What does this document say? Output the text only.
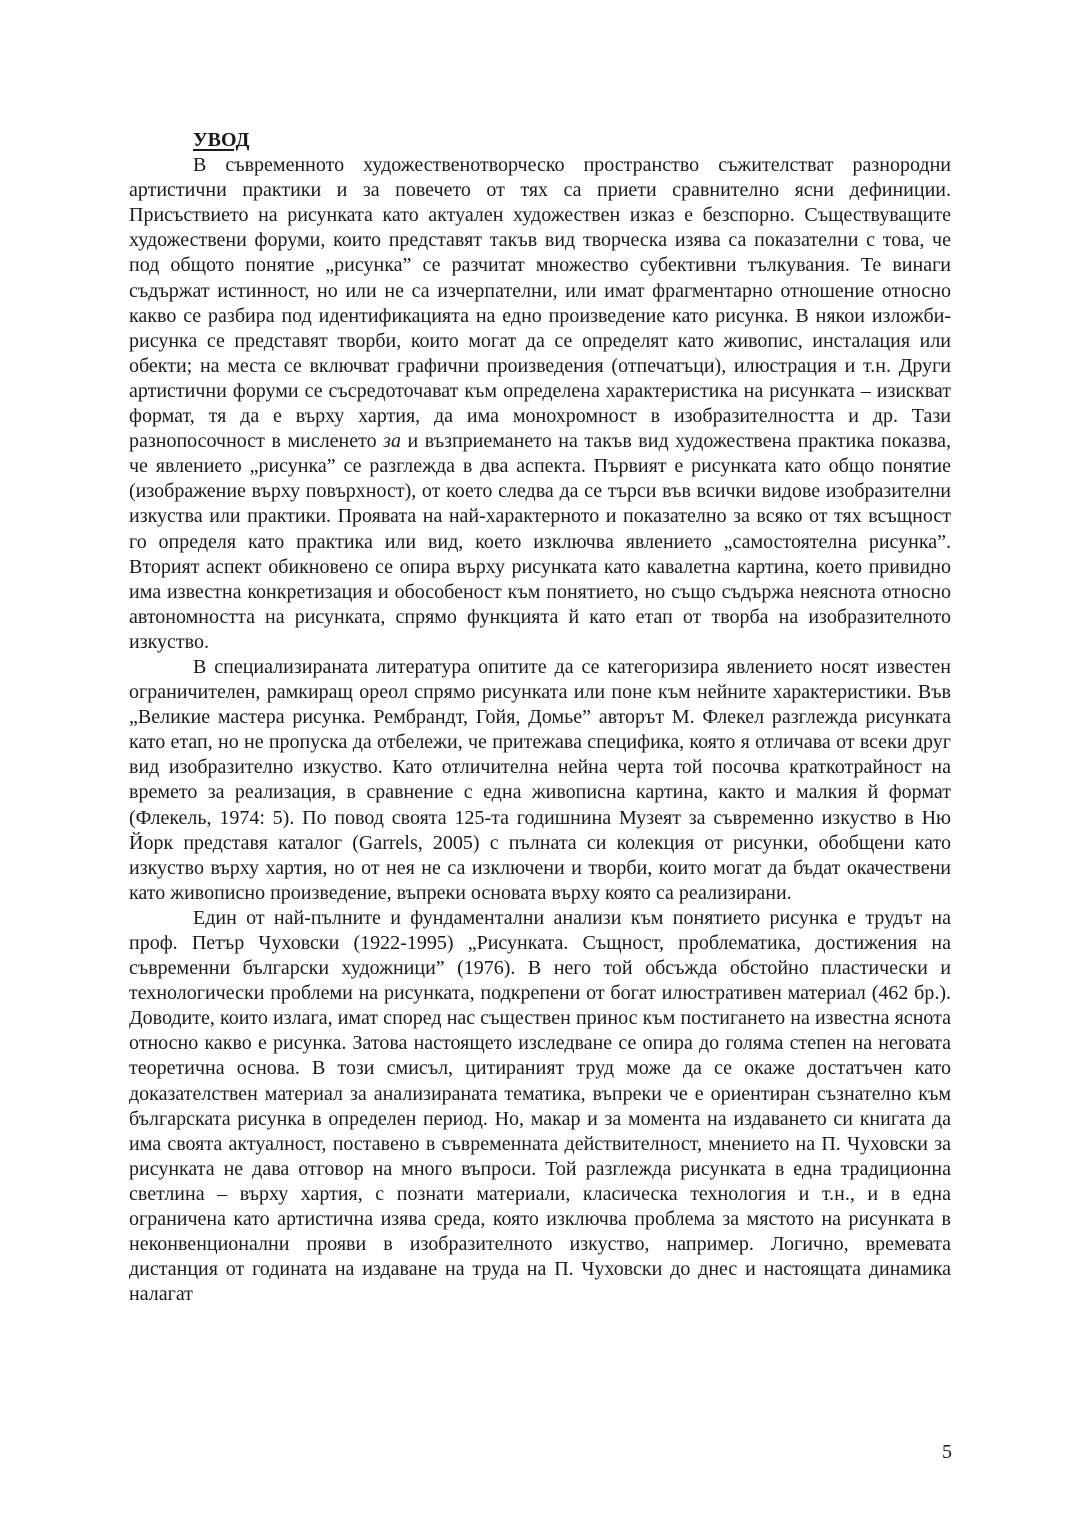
УВОД

В съвременното художественотворческо пространство съжителстват разнородни артистични практики и за повечето от тях са приети сравнително ясни дефиниции. Присъствието на рисунката като актуален художествен изказ е безспорно. Съществуващите художествени форуми, които представят такъв вид творческа изява са показателни с това, че под общото понятие „рисунка” се разчитат множество субективни тълкувания. Те винаги съдържат истинност, но или не са изчерпателни, или имат фрагментарно отношение относно какво се разбира под идентификацията на едно произведение като рисунка. В някои изложби-рисунка се представят творби, които могат да се определят като живопис, инсталация или обекти; на места се включват графични произведения (отпечатъци), илюстрация и т.н. Други артистични форуми се съсредоточават към определена характеристика на рисунката – изискват формат, тя да е върху хартия, да има монохромност в изобразителността и др. Тази разнопосочност в мисленето за и възприемането на такъв вид художествена практика показва, че явлението „рисунка” се разглежда в два аспекта. Първият е рисунката като общо понятие (изображение върху повърхност), от което следва да се търси във всички видове изобразителни изкуства или практики. Проявата на най-характерното и показателно за всяко от тях всъщност го определя като практика или вид, което изключва явлението „самостоятелна рисунка”. Вторият аспект обикновено се опира върху рисунката като кавалетна картина, което привидно има известна конкретизация и обособеност към понятието, но също съдържа неяснота относно автономността на рисунката, спрямо функцията й като етап от творба на изобразителното изкуство.

В специализираната литература опитите да се категоризира явлението носят известен ограничителен, рамкиращ ореол спрямо рисунката или поне към нейните характеристики. Във „Великие мастера рисунка. Рембрандт, Гойя, Домье” авторът М. Флекел разглежда рисунката като етап, но не пропуска да отбележи, че притежава специфика, която я отличава от всеки друг вид изобразително изкуство. Като отличителна нейна черта той посочва краткотрайност на времето за реализация, в сравнение с една живописна картина, както и малкия й формат (Флекель, 1974: 5). По повод своята 125-та годишнина Музеят за съвременно изкуство в Ню Йорк представя каталог (Garrels, 2005) с пълната си колекция от рисунки, обобщени като изкуство върху хартия, но от нея не са изключени и творби, които могат да бъдат окачествени като живописно произведение, въпреки основата върху която са реализирани.

Един от най-пълните и фундаментални анализи към понятието рисунка е трудът на проф. Петър Чуховски (1922-1995) „Рисунката. Същност, проблематика, достижения на съвременни български художници” (1976). В него той обсъжда обстойно пластически и технологически проблеми на рисунката, подкрепени от богат илюстративен материал (462 бр.). Доводите, които излага, имат според нас съществен принос към постигането на известна яснота относно какво е рисунка. Затова настоящето изследване се опира до голяма степен на неговата теоретична основа. В този смисъл, цитираният труд може да се окаже достатъчен като доказателствен материал за анализираната тематика, въпреки че е ориентиран съзнателно към българската рисунка в определен период. Но, макар и за момента на издаването си книгата да има своята актуалност, поставено в съвременната действителност, мнението на П. Чуховски за рисунката не дава отговор на много въпроси. Той разглежда рисунката в една традиционна светлина – върху хартия, с познати материали, класическа технология и т.н., и в една ограничена като артистична изява среда, която изключва проблема за мястото на рисунката в неконвенционални прояви в изобразителното изкуство, например. Логично, времевата дистанция от годината на издаване на труда на П. Чуховски до днес и настоящата динамика налагат

5
